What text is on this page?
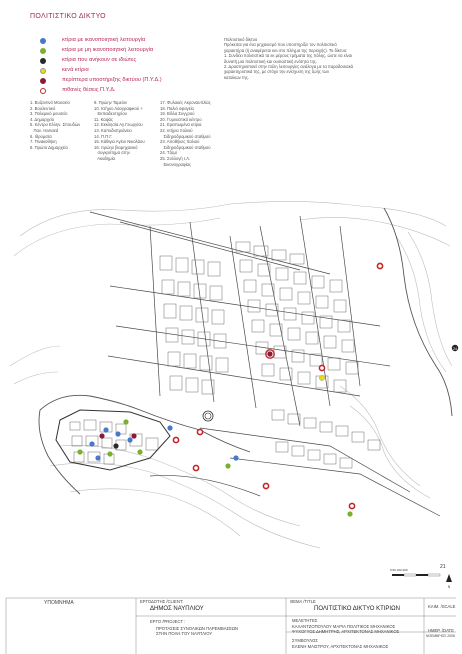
ΠΟΛΙΤΙΣΤΙΚΟ ΔΙΚΤΥΟ
κτίρια με ικανοποιητική λειτουργία
κτίρια με μη ικανοποιητική λειτουργία
κτίρια που ανήκουν σε ιδιώτες
κενά κτίρια
περίπτερα υποστήριξης δικτύου (Π.Υ.Δ.)
πιθανές θέσεις Π.Υ.Δ.
1. Βυζαντινό Μουσείο
2. Βουλευτικό
3. Πολεμικό μουσείο
4. Δημαρχείο
5. Κέντρο Ελλην. Σπουδών
Παν. Harvard
6. Ιδρύματα
7. Πινακοθήκη
8. Πρώτο Δημαρχείο
9. Πρώην Ταμείον
10. Κτήριο Λαογραφικού +
Εκπαιδευτηρίου
11. Καφάς
12. Εκκλησία Αγ.Γεωργίου
13. Καποδιστριάνειο
14. Π.Π.Γ.
15. Κάθιγια Αγίου Νικολάου
16. πρώην βιομηχανικό
συγκρότημα στην
Ακαδημία
17. Φυλακές Ακροναυπλίας
18. Παλιό σφαγείο
19. Βίλλα Συγγρού
20. Γυμναστικό κέντρο
21. Ερειπωμένα κτίρια
22. κτήριο πολιού
Σιδηροδρομικού σταθμού
23. Αποθήκες παλιού
Σιδηροδρομικού σταθμού
24. Τζαμί
25. Συλλογή Ι.Λ.
Εικονογραφίας
Πολιτιστικό δίκτυο
Πρόκειται για ένα μηχανισμό που υποστηρίζει τον πολιτιστικό
χαρακτήρα (ή αναφέρεται και στο πλέγμα της περιοχής). Το δίκτυο:
1. Συνδέει πολιτιστικά τα εκ μέρους τμήματα της πόλης, ώστε να είναι
δυνατή μια πολιτιστική και ουσιαστική ενότητα της.
2. Δραστηριοποιεί στην πόλη λειτουργίες ανάλογα με τα παραδοσιακά
χαρακτηριστικά της, με στόχο την ενίσχυση της ζωής των
κατοίκων της.
24
21
0 50 100 200
Ν
ΥΠΟΜΝΗΜΑ	ΕΡΓΟΔΟΤΗΣ /CLIENT:
ΔΗΜΟΣ ΝΑΥΠΛΙΟΥ
ΘΕΜΑ /TITLE
ΠΟΛΙΤΙΣΤΙΚΟ ΔΙΚΤΥΟ ΚΤΙΡΙΩΝ	ΚΛΙΜ. /SCALE
ΕΡΓΟ /PROJECT :
ΠΡΟΤΑΣΕΙΣ ΣΥΝΟΛΙΚΩΝ ΠΑΡΕΜΒΑΣΕΩΝ
ΣΤΗΝ ΠΟΛΗ ΤΟΥ ΝΑΥΠΛΙΟΥ
ΜΕΛΕΤΗΤΕΣ
ΚΑΛΑΝΤΖΟΠΟΥΛΟΥ ΜΑΡΙΑ ΠΟΛΙΤΙΚΟΣ ΜΗΧΑΝΙΚΟΣ
ΨΥΧΟΓΥΟΣ ΔΗΜΗΤΡΗΣ, ΑΡΧΙΤΕΚΤΟΝΑΣ ΜΗΧΑΝΙΚΟΣ	ΗΜΕΡ. /DATE
ΝΟΕΜΒΡΙΟΣ 2006
ΣΥΜΒΟΥΛΟΣ
ΕΛΕΝΗ ΜΑΙΣΤΡΟΥ, ΑΡΧΙΤΕΚΤΟΝΑΣ ΜΗΧΑΝΙΚΟΣ
